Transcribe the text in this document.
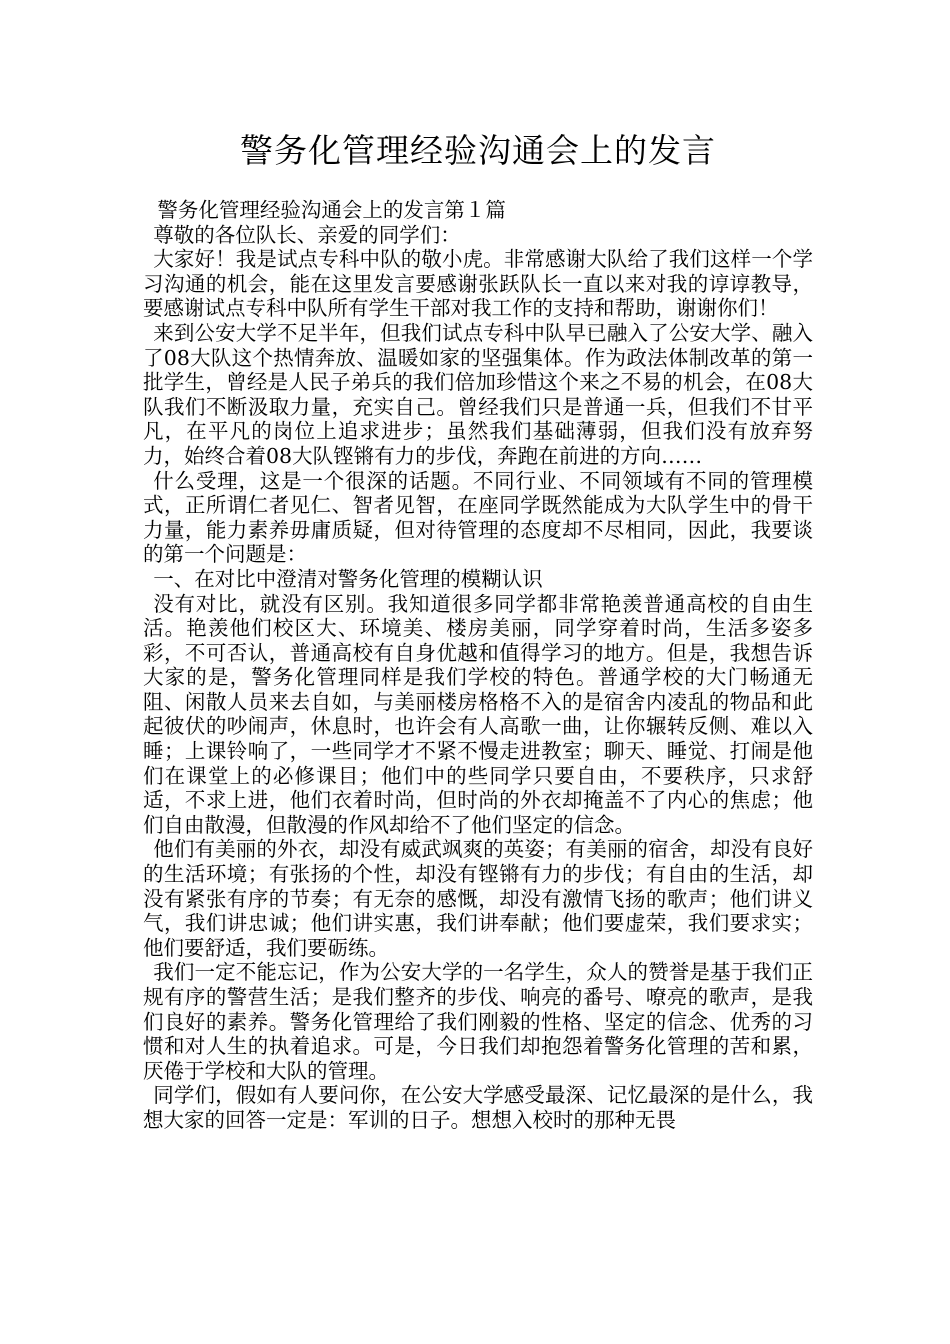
警务化管理经验沟通会上的发言

警务化管理经验沟通会上的发言第１篇

尊敬的各位队长、亲爱的同学们：

大家好！我是试点专科中队的敬小虎。非常感谢大队给了我们这样一个学习沟通的机会，能在这里发言要感谢张跃队长一直以来对我的谆谆教导，要感谢试点专科中队所有学生干部对我工作的支持和帮助，谢谢你们！

来到公安大学不足半年，但我们试点专科中队早已融入了公安大学、融入了08大队这个热情奔放、温暖如家的坚强集体。作为政法体制改革的第一批学生，曾经是人民子弟兵的我们倍加珍惜这个来之不易的机会，在08大队我们不断汲取力量，充实自己。曾经我们只是普通一兵，但我们不甘平凡，在平凡的岗位上追求进步；虽然我们基础薄弱，但我们没有放弃努力，始终合着08大队铿锵有力的步伐，奔跑在前进的方向……

什么受理，这是一个很深的话题。不同行业、不同领域有不同的管理模式，正所谓仁者见仁、智者见智，在座同学既然能成为大队学生中的骨干力量，能力素养毋庸质疑，但对待管理的态度却不尽相同，因此，我要谈的第一个问题是：

一、在对比中澄清对警务化管理的模糊认识

没有对比，就没有区别。我知道很多同学都非常艳羡普通高校的自由生活。艳羡他们校区大、环境美、楼房美丽，同学穿着时尚，生活多姿多彩，不可否认，普通高校有自身优越和值得学习的地方。但是，我想告诉大家的是，警务化管理同样是我们学校的特色。普通学校的大门畅通无阻、闲散人员来去自如，与美丽楼房格格不入的是宿舍内凌乱的物品和此起彼伏的吵闹声，休息时，也许会有人高歌一曲，让你辗转反侧、难以入睡；上课铃响了，一些同学才不紧不慢走进教室；聊天、睡觉、打闹是他们在课堂上的必修课目；他们中的些同学只要自由，不要秩序，只求舒适，不求上进，他们衣着时尚，但时尚的外衣却掩盖不了内心的焦虑；他们自由散漫，但散漫的作风却给不了他们坚定的信念。

他们有美丽的外衣，却没有威武飒爽的英姿；有美丽的宿舍，却没有良好的生活环境；有张扬的个性，却没有铿锵有力的步伐；有自由的生活，却没有紧张有序的节奏；有无奈的感慨，却没有激情飞扬的歌声；他们讲义气，我们讲忠诚；他们讲实惠，我们讲奉献；他们要虚荣，我们要求实；他们要舒适，我们要砺练。

我们一定不能忘记，作为公安大学的一名学生，众人的赞誉是基于我们正规有序的警营生活；是我们整齐的步伐、响亮的番号、嘹亮的歌声，是我们良好的素养。警务化管理给了我们刚毅的性格、坚定的信念、优秀的习惯和对人生的执着追求。可是，今日我们却抱怨着警务化管理的苦和累，厌倦于学校和大队的管理。

同学们，假如有人要问你，在公安大学感受最深、记忆最深的是什么，我想大家的回答一定是：军训的日子。想想入校时的那种无畏
